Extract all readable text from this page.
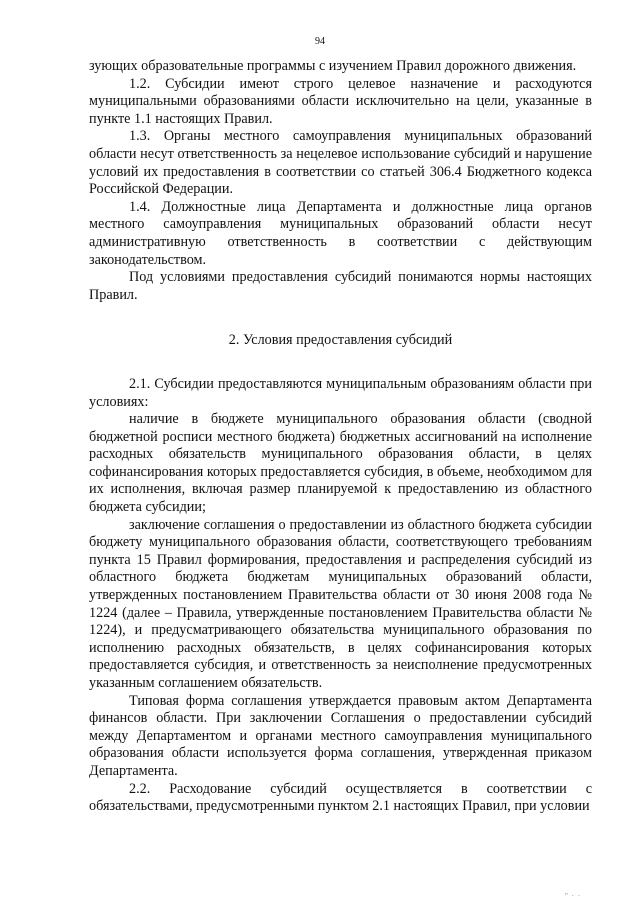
94

зующих образовательные программы с изучением Правил дорожного движения.

1.2. Субсидии имеют строго целевое назначение и расходуются муниципальными образованиями области исключительно на цели, указанные в пункте 1.1 настоящих Правил.

1.3. Органы местного самоуправления муниципальных образований области несут ответственность за нецелевое использование субсидий и нарушение условий их предоставления в соответствии со статьей 306.4 Бюджетного кодекса Российской Федерации.

1.4. Должностные лица Департамента и должностные лица органов местного самоуправления муниципальных образований области несут административную ответственность в соответствии с действующим законодательством.

Под условиями предоставления субсидий понимаются нормы настоящих Правил.

2. Условия предоставления субсидий

2.1. Субсидии предоставляются муниципальным образованиям области при условиях:

наличие в бюджете муниципального образования области (сводной бюджетной росписи местного бюджета) бюджетных ассигнований на исполнение расходных обязательств муниципального образования области, в целях софинансирования которых предоставляется субсидия, в объеме, необходимом для их исполнения, включая размер планируемой к предоставлению из областного бюджета субсидии;

заключение соглашения о предоставлении из областного бюджета субсидии бюджету муниципального образования области, соответствующего требованиям пункта 15 Правил формирования, предоставления и распределения субсидий из областного бюджета бюджетам муниципальных образований области, утвержденных постановлением Правительства области от 30 июня 2008 года № 1224 (далее – Правила, утвержденные постановлением Правительства области № 1224), и предусматривающего обязательства муниципального образования по исполнению расходных обязательств, в целях софинансирования которых предоставляется субсидия, и ответственность за неисполнение предусмотренных указанным соглашением обязательств.

Типовая форма соглашения утверждается правовым актом Департамента финансов области. При заключении Соглашения о предоставлении субсидий между Департаментом и органами местного самоуправления муниципального образования области используется форма соглашения, утвержденная приказом Департамента.

2.2. Расходование субсидий осуществляется в соответствии с обязательствами, предусмотренными пунктом 2.1 настоящих Правил, при условии

" · ·
